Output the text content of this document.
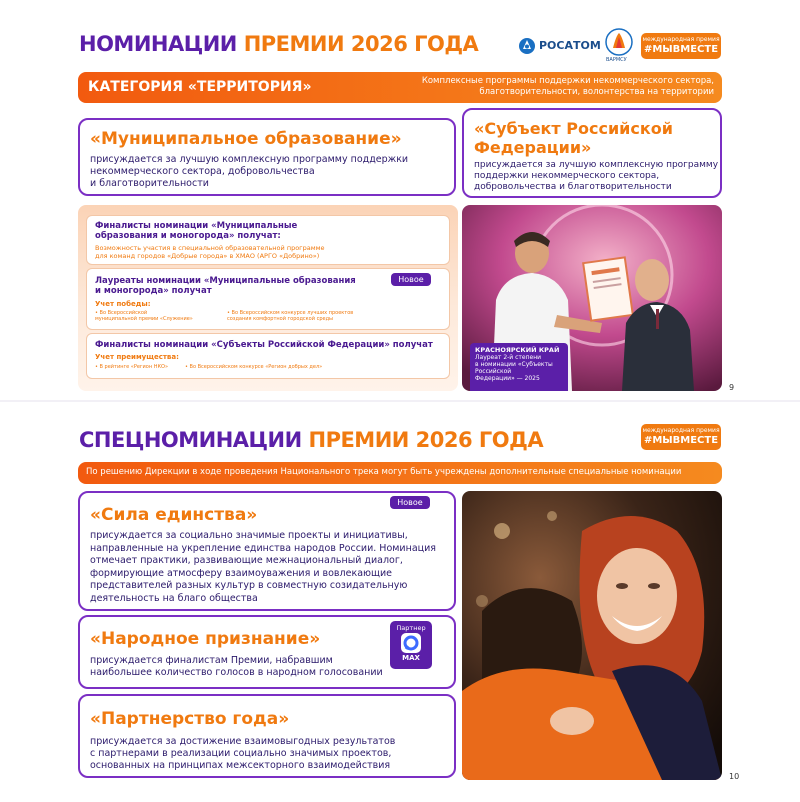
НОМИНАЦИИ ПРЕМИИ 2026 ГОДА	РОСАТОМ
ВАРМСУ
международная премия
#МЫВМЕСТЕ
КАТЕГОРИЯ «ТЕРРИТОРИЯ»	Комплексные программы поддержки некоммерческого сектора,
благотворительности, волонтерства на территории
«Муниципальное образование»
присуждается за лучшую комплексную программу поддержки
некоммерческого сектора, добровольчества
и благотворительности
«Субъект Российской
Федерации»
присуждается за лучшую комплексную программу
поддержки некоммерческого сектора,
добровольчества и благотворительности
Финалисты номинации «Муниципальные
образования и моногорода» получат:
Возможность участия в специальной образовательной программе
для команд городов «Добрые города» в ХМАО (АРГО «Добрино»)
Лауреаты номинации «Муниципальные образования
и моногорода» получат
Новое
Учет победы:
• Во Всероссийской
муниципальной премии «Служение»
• Во Всероссийском конкурсе лучших проектов
создания комфортной городской среды
Финалисты номинации «Субъекты Российской Федерации» получат
Учет преимущества:
• В рейтинге «Регион НКО»	• Во Всероссийском конкурсе «Регион добрых дел»
КРАСНОЯРСКИЙ КРАЙ
Лауреат 2-й степени
в номинации «Субъекты
Российской
Федерации» — 2025
9
СПЕЦНОМИНАЦИИ ПРЕМИИ 2026 ГОДА	международная премия
#МЫВМЕСТЕ
По решению Дирекции в ходе проведения Национального трека могут быть учреждены дополнительные специальные номинации
«Сила единства»
Новое
присуждается за социально значимые проекты и инициативы,
направленные на укрепление единства народов России. Номинация
отмечает практики, развивающие межнациональный диалог,
формирующие атмосферу взаимоуважения и вовлекающие
представителей разных культур в совместную созидательную
деятельность на благо общества
«Народное признание»
присуждается финалистам Премии, набравшим
наибольшее количество голосов в народном голосовании
Партнер
MAX
«Партнерство года»
присуждается за достижение взаимовыгодных результатов
с партнерами в реализации социально значимых проектов,
основанных на принципах межсекторного взаимодействия
10
